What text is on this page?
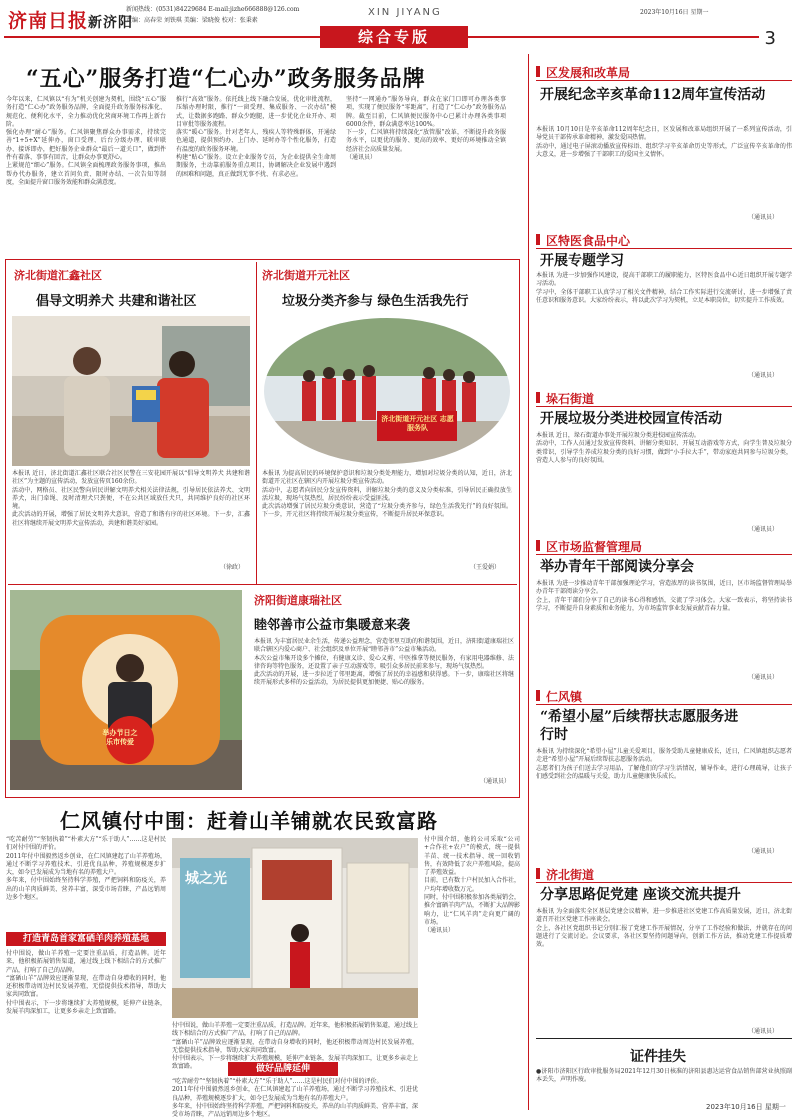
济南日报新济阳
新闻热线：(0531)84229684 E-mail:jizhe666888@126.com
责编：高春荣 刘铁琪 美编：梁晓俊 校对：张秉素
XIN JIYANG	2023年10月16日 星期一
综合专版	3
“五心”服务打造“仁心办”政务服务品牌
今年以来，仁风镇以“有为”机关创建为契机，围绕“五心”服务打造“仁心办”政务服务品牌，全面提升政务服务标准化、规范化、便利化水平，全力推动优化营商环境工作再上新台阶。
强化办理“耐心”服务。仁风镇聚焦群众办事需求，持续完善“1+5+X”延伸办，窗口受理、后台分级办理、联审联办、接诉即办，把好服务企业群众“最后一道关口”，做到件件有着落、事事有回音，让群众办事更舒心。
上紧规范“细心”服务。仁风镇全面梳理政务服务事项，推出帮办代办服务，建立首问负责、限时办结、一次告知等制度，全面提升窗口服务效能和群众满意度。
推行“高效”服务。依托线上线下融合发展，优化审批流程，压缩办理时限，推行“一窗受理、集成服务、一次办结”模式，让数据多跑路、群众少跑腿，进一步优化企业开办、项目审批等服务流程。
落实“暖心”服务。针对老年人、残疾人等特殊群体，开通绿色通道，提供预约办、上门办、延时办等个性化服务，打造有温度的政务服务环境。
构建“贴心”服务。设立企业服务专员，为企业提供全生命周期服务，主动靠前服务重点项目，协调解决企业发展中遇到的困难和问题，真正做到无事不扰、有求必应。
坚持“一网通办”服务导向，群众在家门口即可办理各类事项，实现了便民服务“零距离”，打造了“仁心办”政务服务品牌。截至目前，仁风镇便民服务中心已累计办理各类事项6000余件，群众满意率达100%。
下一步，仁风镇将持续深化“放管服”改革，不断提升政务服务水平，以更优的服务、更高的效率、更好的环境推动全镇经济社会高质量发展。
（通讯员）
济北街道汇鑫社区
倡导文明养犬 共建和谐社区
本报讯 近日，济北街道汇鑫社区联合社区民警在三安花园开展以“倡导文明养犬 共建和谐社区”为主题的宣传活动，发放宣传页160余份。
活动中，网格员、社区民警向居民讲解文明养犬相关法律法规，引导居民依法养犬、文明养犬，出门牵绳、及时清理犬只粪便，不在公共区域放任犬只，共同维护良好的社区环境。
此次活动的开展，增强了居民文明养犬意识，营造了和谐有序的社区环境。下一步，汇鑫社区将继续开展文明养犬宣传活动，共建和谐美好家园。
（徐政）
济北街道开元社区
垃圾分类齐参与 绿色生活我先行
济北街道开元社区 志愿服务队
本报讯 为提高居民的环境保护意识和垃圾分类处理能力，增加对垃圾分类的认知，近日，济北街道开元社区在辖区内开展垃圾分类宣传活动。
活动中，志愿者向居民分发宣传资料，讲解垃圾分类的意义及分类标准，引导居民正确投放生活垃圾，现场气氛热烈，居民纷纷表示受益匪浅。
此次活动增强了居民垃圾分类意识，营造了“垃圾分类齐参与，绿色生活我先行”的良好氛围。下一步，开元社区将持续开展垃圾分类宣传，不断提升居民环保意识。
（王爱娟）
举办节日之 乐市传爱
济阳街道康瑞社区
睦邻善市公益市集暖意来袭
本报讯 为丰富居民业余生活，传递公益理念，营造邻里互助的和谐氛围，近日，济阳街道康瑞社区联合辖区内爱心商户、社会组织及单位开展“睦邻善市”公益市集活动。
本次公益市集开设多个摊位，有健康义诊、爱心义剪、中医推拿等便民服务，有家用电器维修、法律咨询等特色服务，还设置了亲子互动游戏等，吸引众多居民前来参与，现场气氛热烈。
此次活动的开展，进一步拉近了邻里距离，增强了居民的幸福感和获得感。下一步，康瑞社区将继续开展形式多样的公益活动，为居民提供更加便捷、贴心的服务。
（通讯员）
仁风镇付中围：赶着山羊铺就农民致富路
“吃苦耐劳”“坚韧执着”“朴素大方”“乐于助人”……这是村民们对付中围的评价。
2011年付中围毅然返乡创业，在仁风镇建起了山羊养殖场，通过不断学习养殖技术、引进优良品种，养殖规模逐步扩大，如今已发展成为当地有名的养殖大户。
多年来，付中围始终坚持科学养殖，严把饲料和防疫关，养出的山羊肉质鲜美、营养丰富，深受市场青睐，产品远销周边多个地区。
打造青岛首家富硒羊肉养殖基地
付中围说，做山羊养殖一定要注重品质，打造品牌。近年来，他积极拓展销售渠道，通过线上线下相结合的方式推广产品，打响了自己的品牌。
“富硒山羊”品牌效应逐渐显现，在带动自身增收的同时，他还积极带动周边村民发展养殖，无偿提供技术指导，帮助大家共同致富。
付中围表示，下一步将继续扩大养殖规模，延伸产业链条，发展羊肉深加工，让更多乡亲走上致富路。
城之光
付中围说，做山羊养殖一定要注重品质，打造品牌。近年来，他积极拓展销售渠道，通过线上线下相结合的方式推广产品，打响了自己的品牌。
“富硒山羊”品牌效应逐渐显现，在带动自身增收的同时，他还积极带动周边村民发展养殖，无偿提供技术指导，帮助大家共同致富。
付中围表示，下一步将继续扩大养殖规模，延伸产业链条，发展羊肉深加工，让更多乡亲走上致富路。	做好品牌延伸
“吃苦耐劳”“坚韧执着”“朴素大方”“乐于助人”……这是村民们对付中围的评价。
2011年付中围毅然返乡创业，在仁风镇建起了山羊养殖场，通过不断学习养殖技术、引进优良品种，养殖规模逐步扩大，如今已发展成为当地有名的养殖大户。
多年来，付中围始终坚持科学养殖，严把饲料和防疫关，养出的山羊肉质鲜美、营养丰富，深受市场青睐，产品远销周边多个地区。
付中围介绍，他的公司采取“公司+合作社+农户”的模式，统一提供羊苗、统一技术指导、统一回收销售，有效降低了农户养殖风险，提高了养殖效益。
目前，已有数十户村民加入合作社，户均年增收数万元。
同时，付中围积极参加各类展销会，推介富硒羊肉产品，不断扩大品牌影响力，让“仁风羊肉”走向更广阔的市场。
（通讯员）
区发展和改革局
开展纪念辛亥革命112周年宣传活动
本报讯 10月10日是辛亥革命112周年纪念日，区发展和改革局组织开展了一系列宣传活动，引导党员干部传承革命精神，激发爱国热情。
活动中，通过电子屏滚动播放宣传标语、组织学习辛亥革命历史等形式，广泛宣传辛亥革命的伟大意义，进一步增强了干部职工的爱国主义情怀。
（通讯员）
区特医食品中心
开展专题学习
本报讯 为进一步加强作风建设，提高干部职工的履职能力，区特医食品中心近日组织开展专题学习活动。
学习中，全体干部职工认真学习了相关文件精神，结合工作实际进行交流研讨，进一步增强了责任意识和服务意识。大家纷纷表示，将以此次学习为契机，立足本职岗位，切实提升工作质效。
（通讯员）
垛石街道
开展垃圾分类进校园宣传活动
本报讯 近日，垛石街道办事处开展垃圾分类进校园宣传活动。
活动中，工作人员通过发放宣传资料、讲解分类知识、开展互动游戏等方式，向学生普及垃圾分类常识，引导学生养成垃圾分类的良好习惯，做到“小手拉大手”，带动家庭共同参与垃圾分类，营造人人参与的良好氛围。
（通讯员）
区市场监督管理局
举办青年干部阅读分享会
本报讯 为进一步推动青年干部加强理论学习，营造浓厚的读书氛围，近日，区市场监督管理局举办青年干部阅读分享会。
会上，青年干部们分享了自己的读书心得和感悟，交流了学习体会。大家一致表示，将坚持读书学习，不断提升自身素质和业务能力，为市场监管事业发展贡献青春力量。
（通讯员）
仁风镇
“希望小屋”后续帮扶志愿服务进行时
本报讯 为持续深化“希望小屋”儿童关爱项目，服务受助儿童健康成长，近日，仁风镇组织志愿者走进“希望小屋”开展后续帮扶志愿服务活动。
志愿者们为孩子们送去学习用品，了解他们的学习生活情况，辅导作业，进行心理疏导，让孩子们感受到社会的温暖与关爱，助力儿童健康快乐成长。
（通讯员）
济北街道
分享思路促党建 座谈交流共提升
本报讯 为全面落实全区基层党建会议精神，进一步推进社区党建工作高质量发展，近日，济北街道召开社区党建工作座谈会。
会上，各社区党组织书记分别汇报了党建工作开展情况，分享了工作经验和做法，并就存在的问题进行了交流讨论。会议要求，各社区要坚持问题导向，创新工作方法，推动党建工作提质增效。
（通讯员）
证件挂失
●济阳市济阳区行政审批服务局2021年12月30日核准的济阳县惠达运营食品销售部营业执照副本丢失，声明作废。
2023年10月16日 星期一
